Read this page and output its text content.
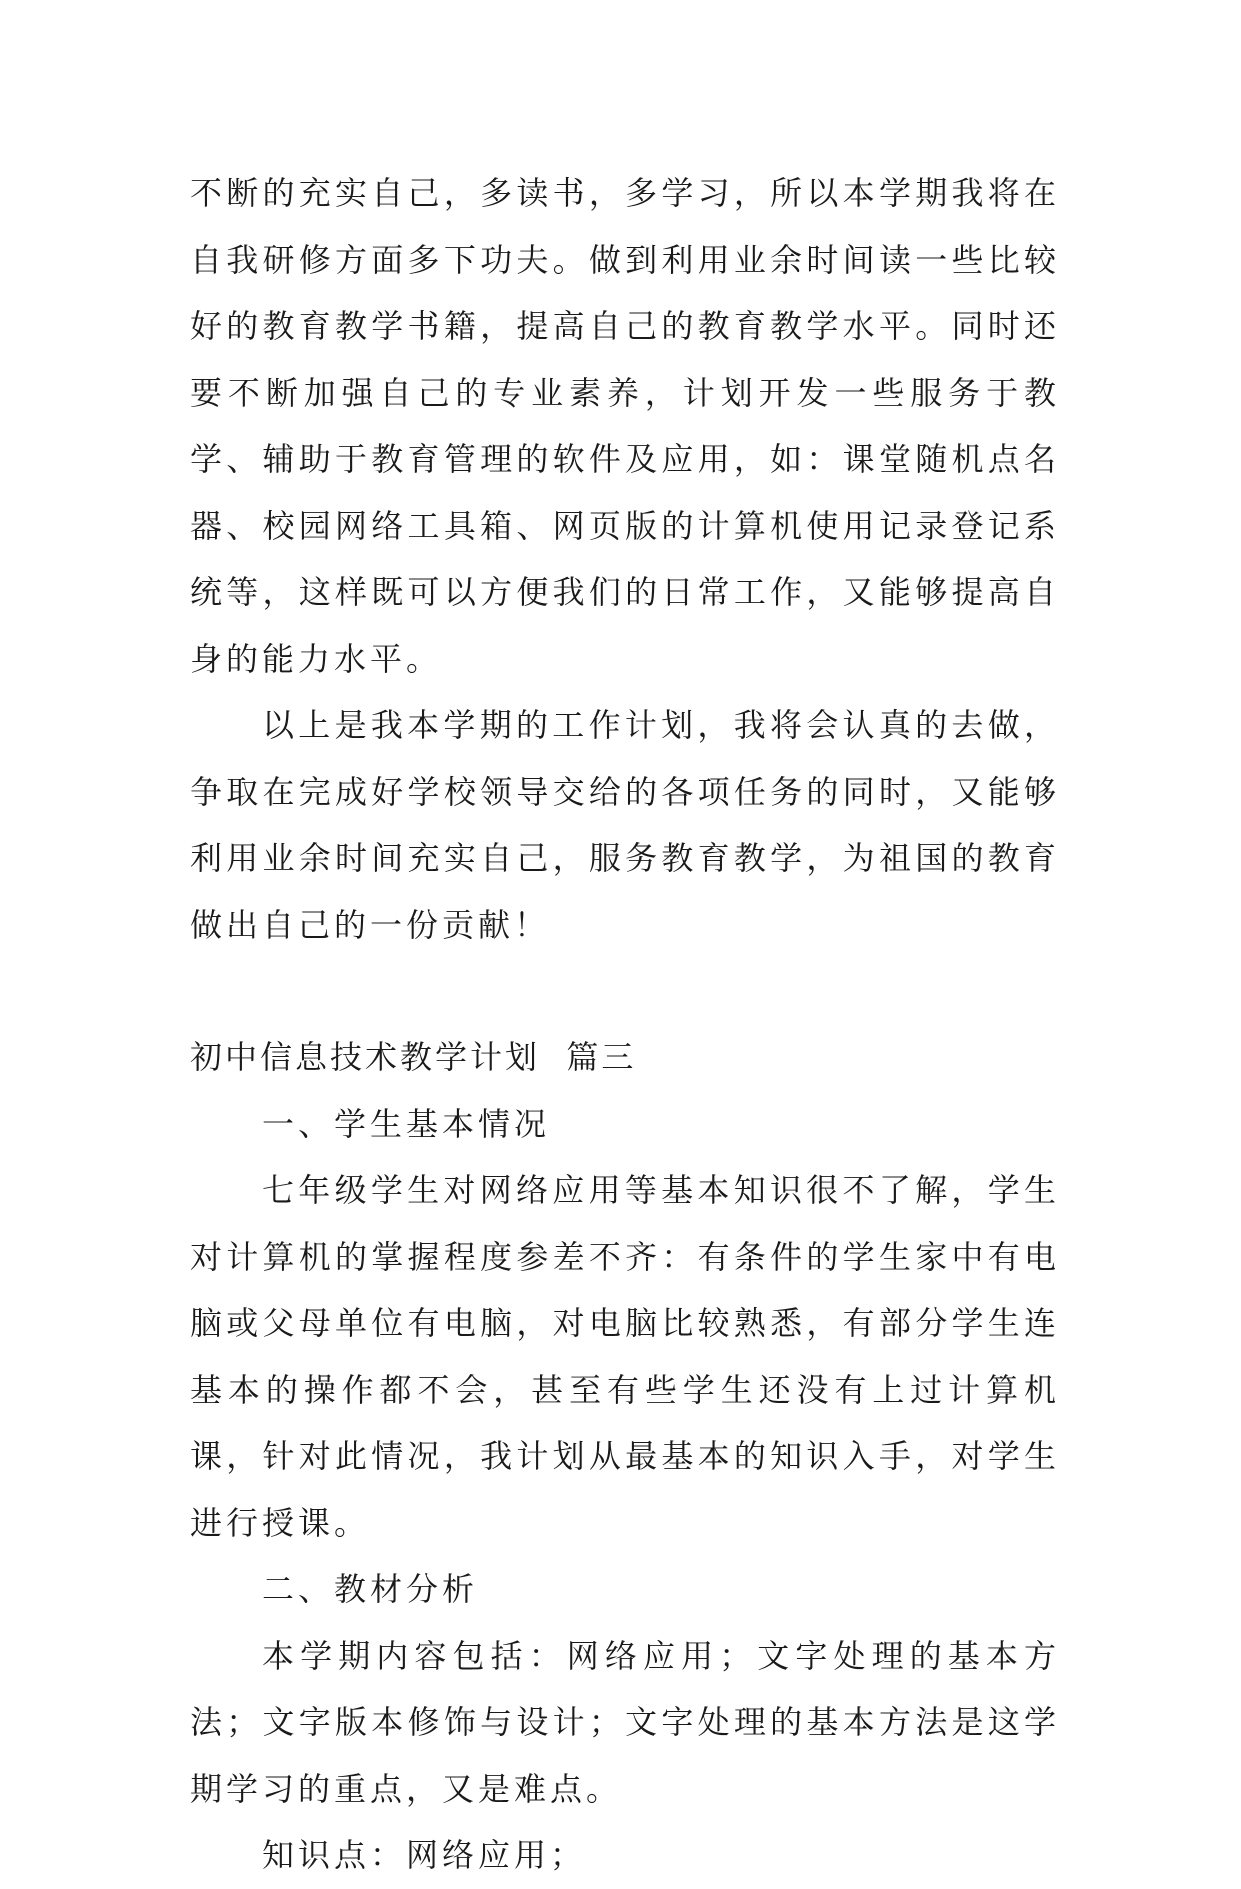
不断的充实自己，多读书，多学习，所以本学期我将在自我研修方面多下功夫。做到利用业余时间读一些比较好的教育教学书籍，提高自己的教育教学水平。同时还要不断加强自己的专业素养，计划开发一些服务于教学、辅助于教育管理的软件及应用，如：课堂随机点名器、校园网络工具箱、网页版的计算机使用记录登记系统等，这样既可以方便我们的日常工作，又能够提高自身的能力水平。

以上是我本学期的工作计划，我将会认真的去做，争取在完成好学校领导交给的各项任务的同时，又能够利用业余时间充实自己，服务教育教学，为祖国的教育做出自己的一份贡献！

初中信息技术教学计划  篇三

一、学生基本情况

七年级学生对网络应用等基本知识很不了解，学生对计算机的掌握程度参差不齐：有条件的学生家中有电脑或父母单位有电脑，对电脑比较熟悉，有部分学生连基本的操作都不会，甚至有些学生还没有上过计算机课，针对此情况，我计划从最基本的知识入手，对学生进行授课。

二、教材分析

本学期内容包括：网络应用；文字处理的基本方法；文字版本修饰与设计；文字处理的基本方法是这学期学习的重点，又是难点。

知识点：网络应用；
